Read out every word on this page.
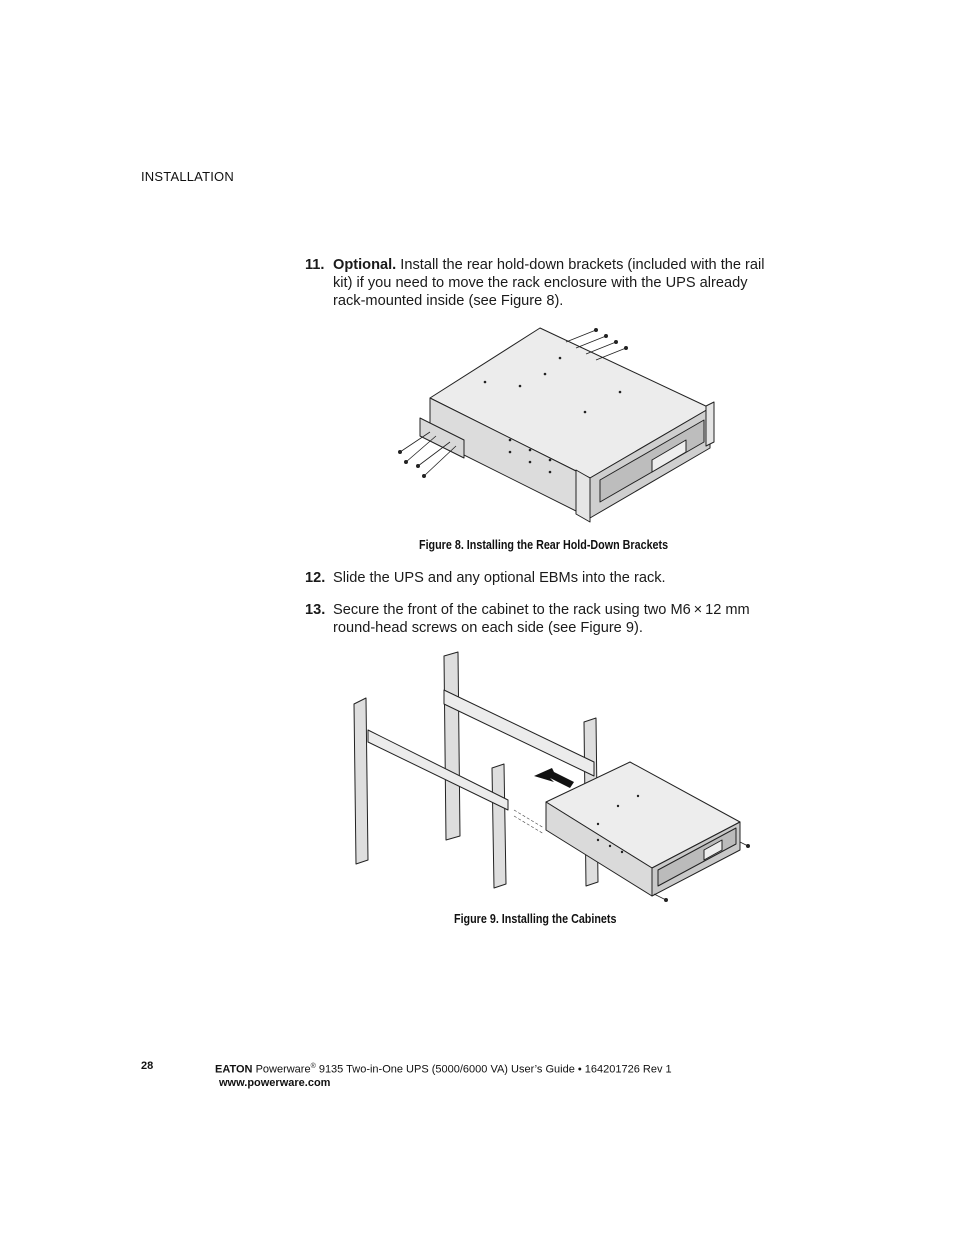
INSTALLATION
11. Optional. Install the rear hold-down brackets (included with the rail kit) if you need to move the rack enclosure with the UPS already rack-mounted inside (see Figure 8).
Figure 8. Installing the Rear Hold-Down Brackets
12. Slide the UPS and any optional EBMs into the rack.
13. Secure the front of the cabinet to the rack using two M6 × 12 mm round-head screws on each side (see Figure 9).
Figure 9. Installing the Cabinets
28	EATON Powerware® 9135 Two-in-One UPS (5000/6000 VA) User’s Guide • 164201726 Rev 1
www.powerware.com
